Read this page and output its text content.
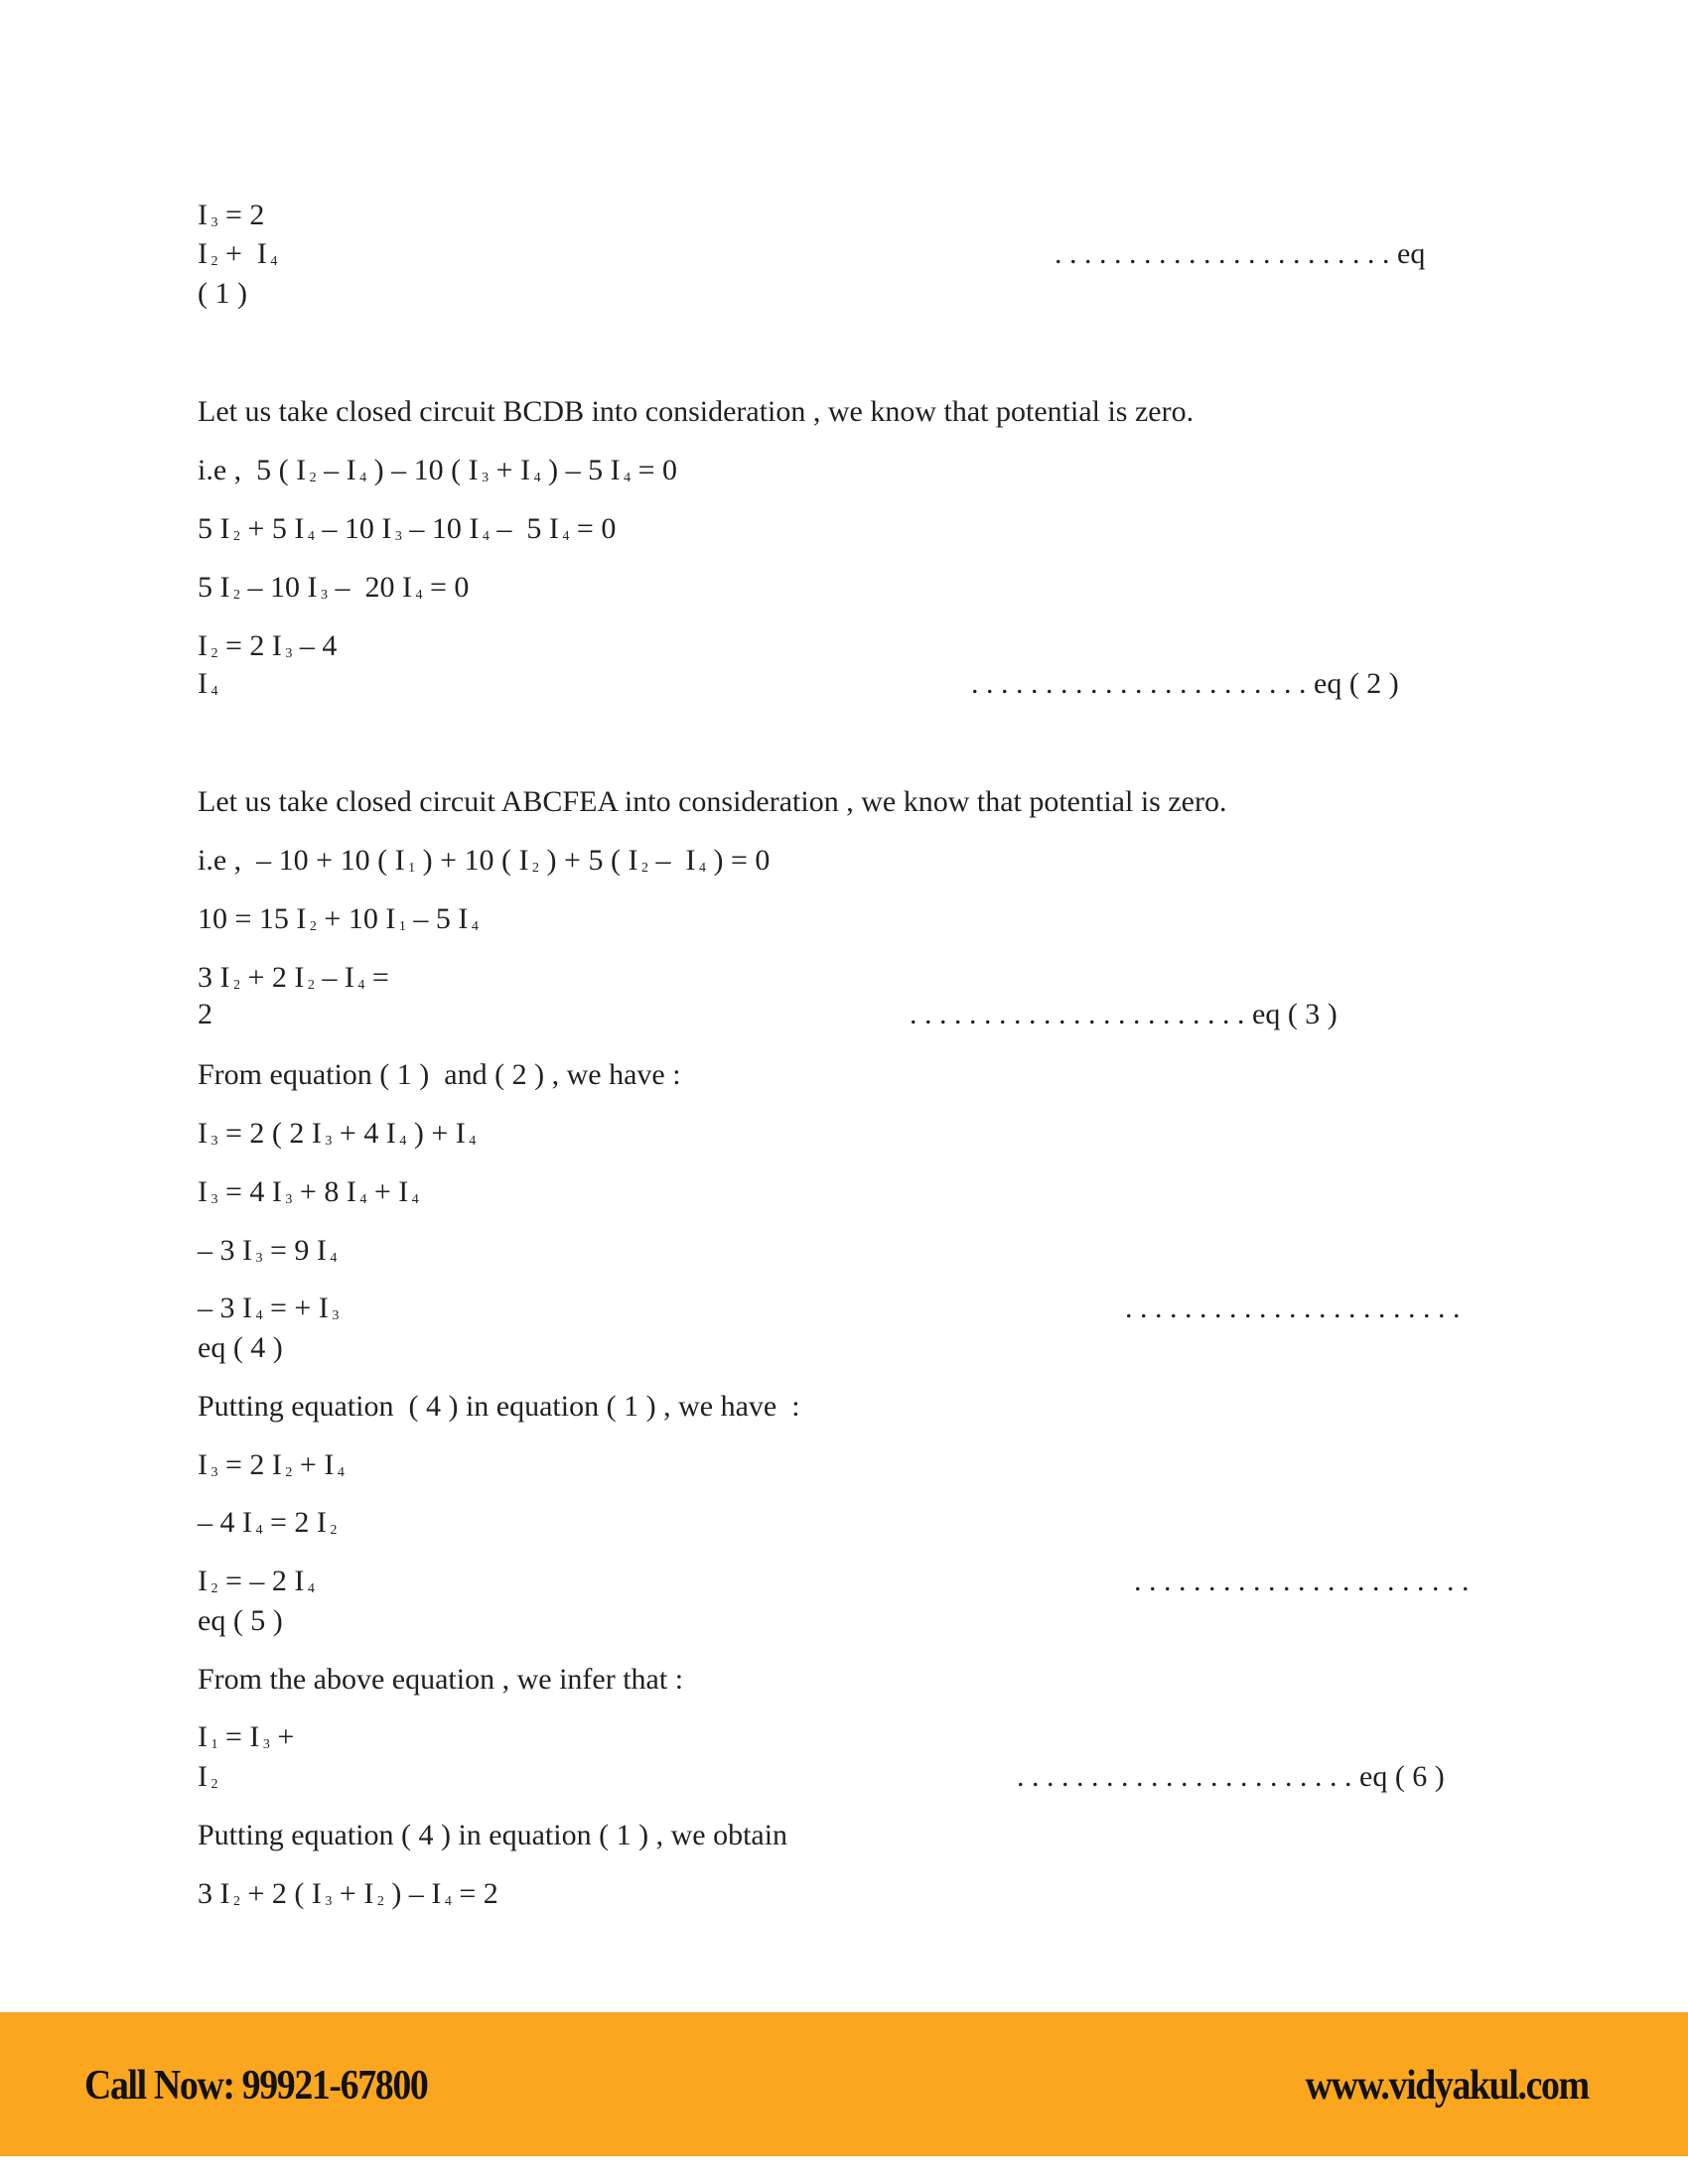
I 3 = 2
I 2 + I 4	. . . . . . . . . . . . . . . . . . . . . . . eq
( 1 )
Let us take closed circuit BCDB into consideration , we know that potential is zero.
i.e , 5 ( I 2 – I 4 ) – 10 ( I 3 + I 4 ) – 5 I 4 = 0
5 I 2 + 5 I 4 – 10 I 3 – 10 I 4 – 5 I 4 = 0
5 I 2 – 10 I 3 – 20 I 4 = 0
I 2 = 2 I 3 – 4
I 4	. . . . . . . . . . . . . . . . . . . . . . . eq ( 2 )
Let us take closed circuit ABCFEA into consideration , we know that potential is zero.
i.e , – 10 + 10 ( I 1 ) + 10 ( I 2 ) + 5 ( I 2 – I 4 ) = 0
10 = 15 I 2 + 10 I 1 – 5 I 4
3 I 2 + 2 I 2 – I 4 =
2	. . . . . . . . . . . . . . . . . . . . . . . eq ( 3 )
From equation ( 1 )  and ( 2 ) , we have :
I 3 = 2 ( 2 I 3 + 4 I 4 ) + I 4
I 3 = 4 I 3 + 8 I 4 + I 4
– 3 I 3 = 9 I 4
– 3 I 4 = + I 3	. . . . . . . . . . . . . . . . . . . . . . .
eq ( 4 )
Putting equation  ( 4 ) in equation ( 1 ) , we have  :
I 3 = 2 I 2 + I 4
– 4 I 4 = 2 I 2
I 2 = – 2 I 4	. . . . . . . . . . . . . . . . . . . . . . .
eq ( 5 )
From the above equation , we infer that :
I 1 = I 3 +
I 2	. . . . . . . . . . . . . . . . . . . . . . . eq ( 6 )
Putting equation ( 4 ) in equation ( 1 ) , we obtain
3 I 2 + 2 ( I 3 + I 2 ) – I 4 = 2
Call Now: 99921-67800	www.vidyakul.com
